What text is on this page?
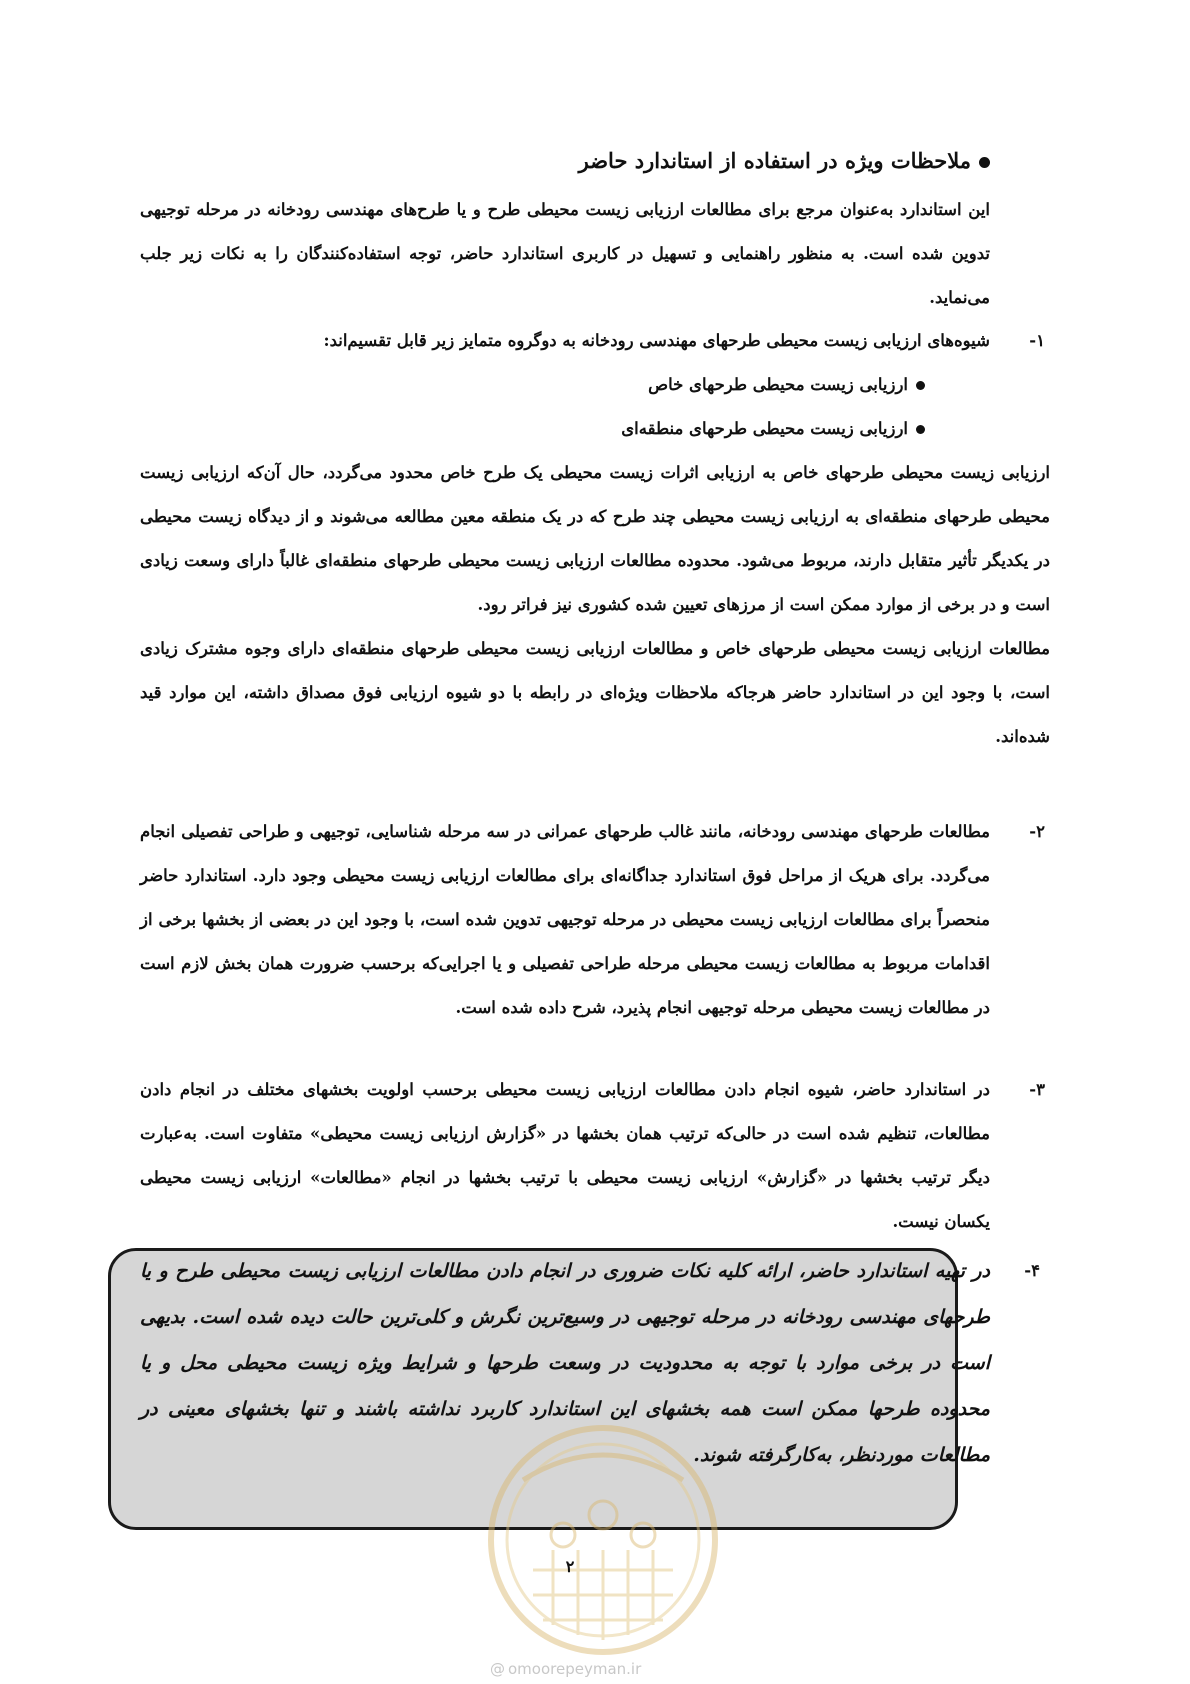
ملاحظات ویژه در استفاده از استاندارد حاضر
این استاندارد به‌عنوان مرجع برای مطالعات ارزیابی زیست محیطی طرح و یا طرح‌های مهندسی رودخانه در مرحله توجیهی تدوین شده است. به منظور راهنمایی و تسهیل در کاربری استاندارد حاضر، توجه استفاده‌کنندگان را به نکات زیر جلب می‌نماید.
۱-
شیوه‌های ارزیابی زیست محیطی طرحهای مهندسی رودخانه به دوگروه متمایز زیر قابل تقسیم‌اند:
ارزیابی زیست محیطی طرحهای خاص
ارزیابی زیست محیطی طرحهای منطقه‌ای
ارزیابی زیست محیطی طرحهای خاص به ارزیابی اثرات زیست محیطی یک طرح خاص محدود می‌گردد، حال آن‌که ارزیابی زیست محیطی طرحهای منطقه‌ای به ارزیابی زیست محیطی چند طرح که در یک منطقه معین مطالعه می‌شوند و از دیدگاه زیست محیطی در یکدیگر تأثیر متقابل دارند، مربوط می‌شود. محدوده مطالعات ارزیابی زیست محیطی طرحهای منطقه‌ای غالباً دارای وسعت زیادی است و در برخی از موارد ممکن است از مرزهای تعیین شده کشوری نیز فراتر رود.
مطالعات ارزیابی زیست محیطی طرحهای خاص و مطالعات ارزیابی زیست محیطی طرحهای منطقه‌ای دارای وجوه مشترک زیادی است، با وجود این در استاندارد حاضر هرجاکه ملاحظات ویژه‌ای در رابطه با دو شیوه ارزیابی فوق مصداق داشته، این موارد قید شده‌اند.
۲-
مطالعات طرحهای مهندسی رودخانه، مانند غالب طرحهای عمرانی در سه مرحله شناسایی، توجیهی و طراحی تفصیلی انجام می‌گردد. برای هریک از مراحل فوق استاندارد جداگانه‌ای برای مطالعات ارزیابی زیست محیطی وجود دارد. استاندارد حاضر منحصراً برای مطالعات ارزیابی زیست محیطی در مرحله توجیهی تدوین شده است، با وجود این در بعضی از بخشها برخی از اقدامات مربوط به مطالعات زیست محیطی مرحله طراحی تفصیلی و یا اجرایی‌که برحسب ضرورت همان بخش لازم است در مطالعات زیست محیطی مرحله توجیهی انجام پذیرد، شرح داده شده است.
۳-
در استاندارد حاضر، شیوه انجام دادن مطالعات ارزیابی زیست محیطی برحسب اولویت بخشهای مختلف در انجام دادن مطالعات، تنظیم شده است در حالی‌که ترتیب همان بخشها در «گزارش ارزیابی زیست محیطی» متفاوت است. به‌عبارت دیگر ترتیب بخشها در «گزارش» ارزیابی زیست محیطی با ترتیب بخشها در انجام «مطالعات» ارزیابی زیست محیطی یکسان نیست.
۴-
در تهیه استاندارد حاضر، ارائه کلیه نکات ضروری در انجام دادن مطالعات ارزیابی زیست محیطی طرح و یا طرحهای مهندسی رودخانه در مرحله توجیهی در وسیع‌ترین نگرش و کلی‌ترین حالت دیده شده است. بدیهی است در برخی موارد با توجه به محدودیت در وسعت طرحها و شرایط ویژه زیست محیطی محل و یا محدوده طرحها ممکن است همه بخشهای این استاندارد کاربرد نداشته باشند و تنها بخشهای معینی در مطالعات موردنظر، به‌کارگرفته شوند.
۲
@ omoorepeyman.ir
